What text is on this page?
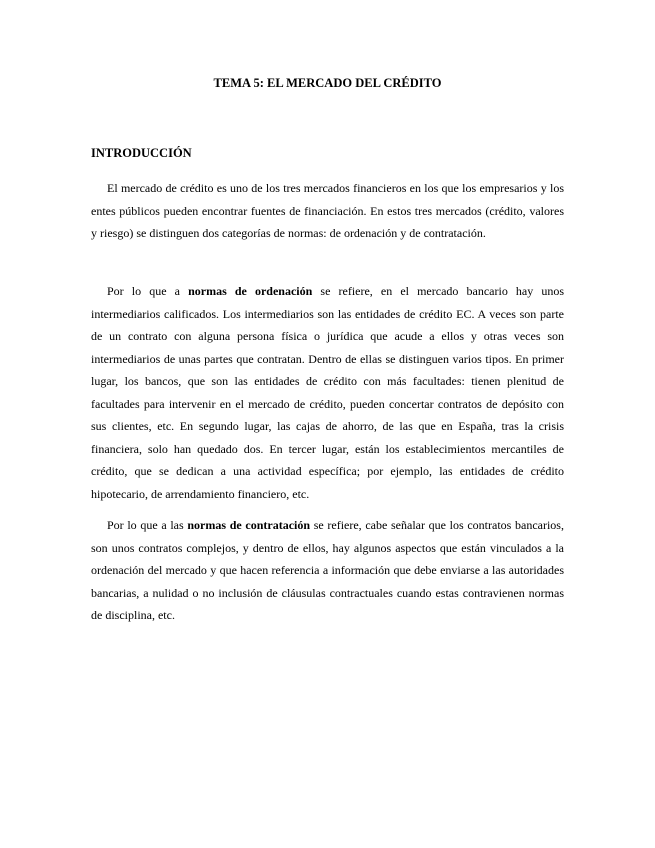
TEMA 5: EL MERCADO DEL CRÉDITO
INTRODUCCIÓN

El mercado de crédito es uno de los tres mercados financieros en los que los empresarios y los entes públicos pueden encontrar fuentes de financiación. En estos tres mercados (crédito, valores y riesgo) se distinguen dos categorías de normas: de ordenación y de contratación.

Por lo que a normas de ordenación se refiere, en el mercado bancario hay unos intermediarios calificados. Los intermediarios son las entidades de crédito EC. A veces son parte de un contrato con alguna persona física o jurídica que acude a ellos y otras veces son intermediarios de unas partes que contratan. Dentro de ellas se distinguen varios tipos. En primer lugar, los bancos, que son las entidades de crédito con más facultades: tienen plenitud de facultades para intervenir en el mercado de crédito, pueden concertar contratos de depósito con sus clientes, etc. En segundo lugar, las cajas de ahorro, de las que en España, tras la crisis financiera, solo han quedado dos. En tercer lugar, están los establecimientos mercantiles de crédito, que se dedican a una actividad específica; por ejemplo, las entidades de crédito hipotecario, de arrendamiento financiero, etc.

Por lo que a las normas de contratación se refiere, cabe señalar que los contratos bancarios, son unos contratos complejos, y dentro de ellos, hay algunos aspectos que están vinculados a la ordenación del mercado y que hacen referencia a información que debe enviarse a las autoridades bancarias, a nulidad o no inclusión de cláusulas contractuales cuando estas contravienen normas de disciplina, etc.
